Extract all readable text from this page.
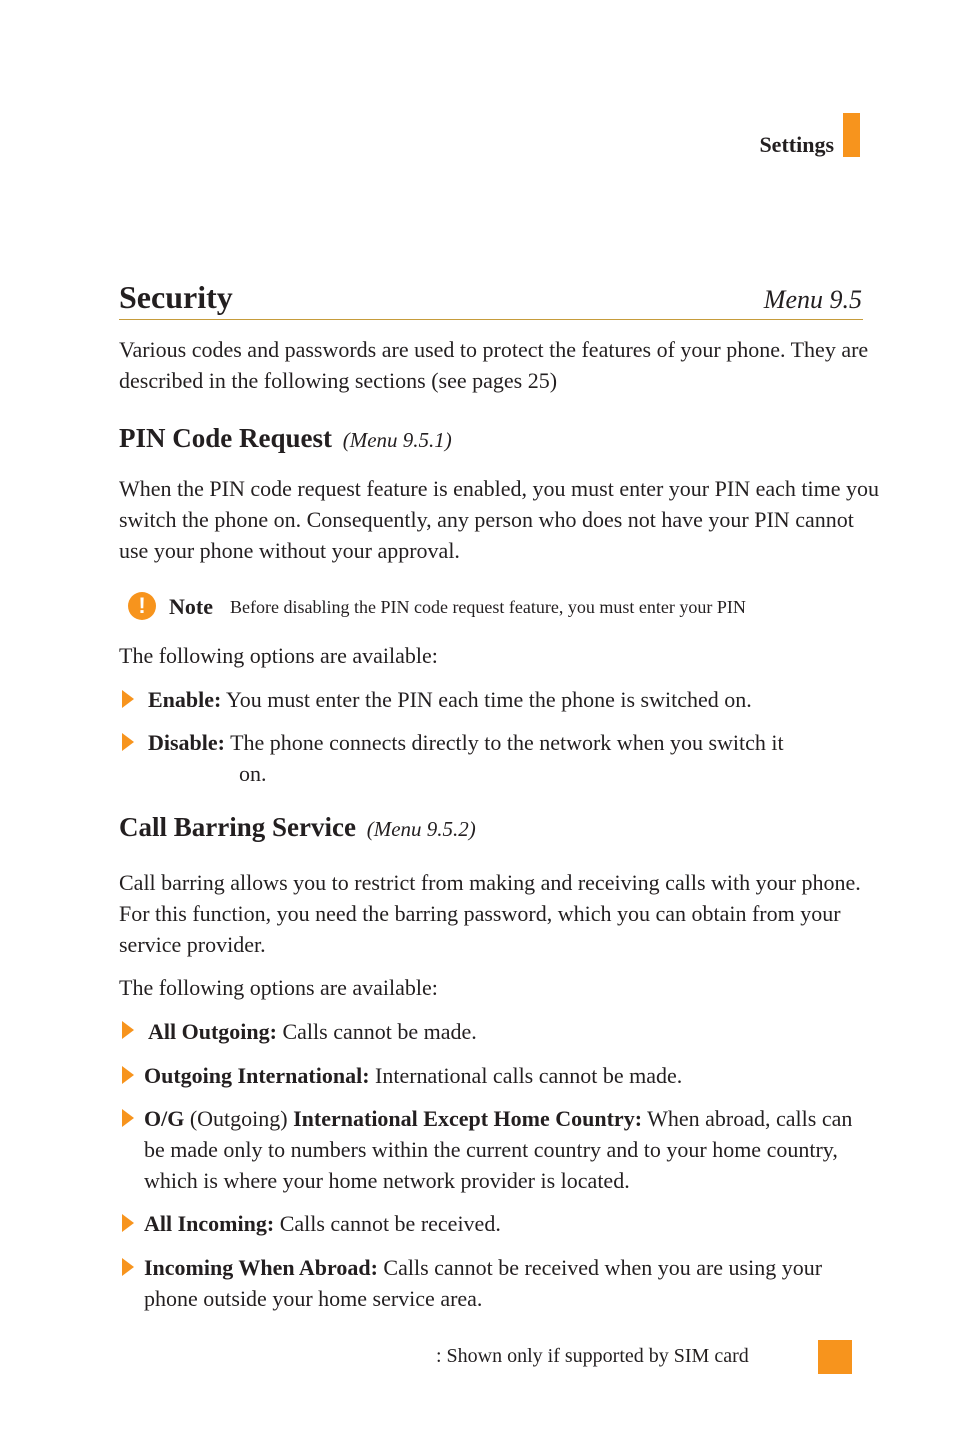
Settings
Security	Menu 9.5
Various codes and passwords are used to protect the features of your phone. They are described in the following sections (see pages 25)
PIN Code Request (Menu 9.5.1)
When the PIN code request feature is enabled, you must enter your PIN each time you switch the phone on. Consequently, any person who does not have your PIN cannot use your phone without your approval.
!	Note Before disabling the PIN code request feature, you must enter your PIN
The following options are available:
Enable: You must enter the PIN each time the phone is switched on.
Disable: The phone connects directly to the network when you switch it
on.
Call Barring Service (Menu 9.5.2)
Call barring allows you to restrict from making and receiving calls with your phone. For this function, you need the barring password, which you can obtain from your service provider.
The following options are available:
All Outgoing: Calls cannot be made.
Outgoing International: International calls cannot be made.
O/G (Outgoing) International Except Home Country: When abroad, calls can be made only to numbers within the current country and to your home country, which is where your home network provider is located.
All Incoming: Calls cannot be received.
Incoming When Abroad: Calls cannot be received when you are using your phone outside your home service area.
: Shown only if supported by SIM card
